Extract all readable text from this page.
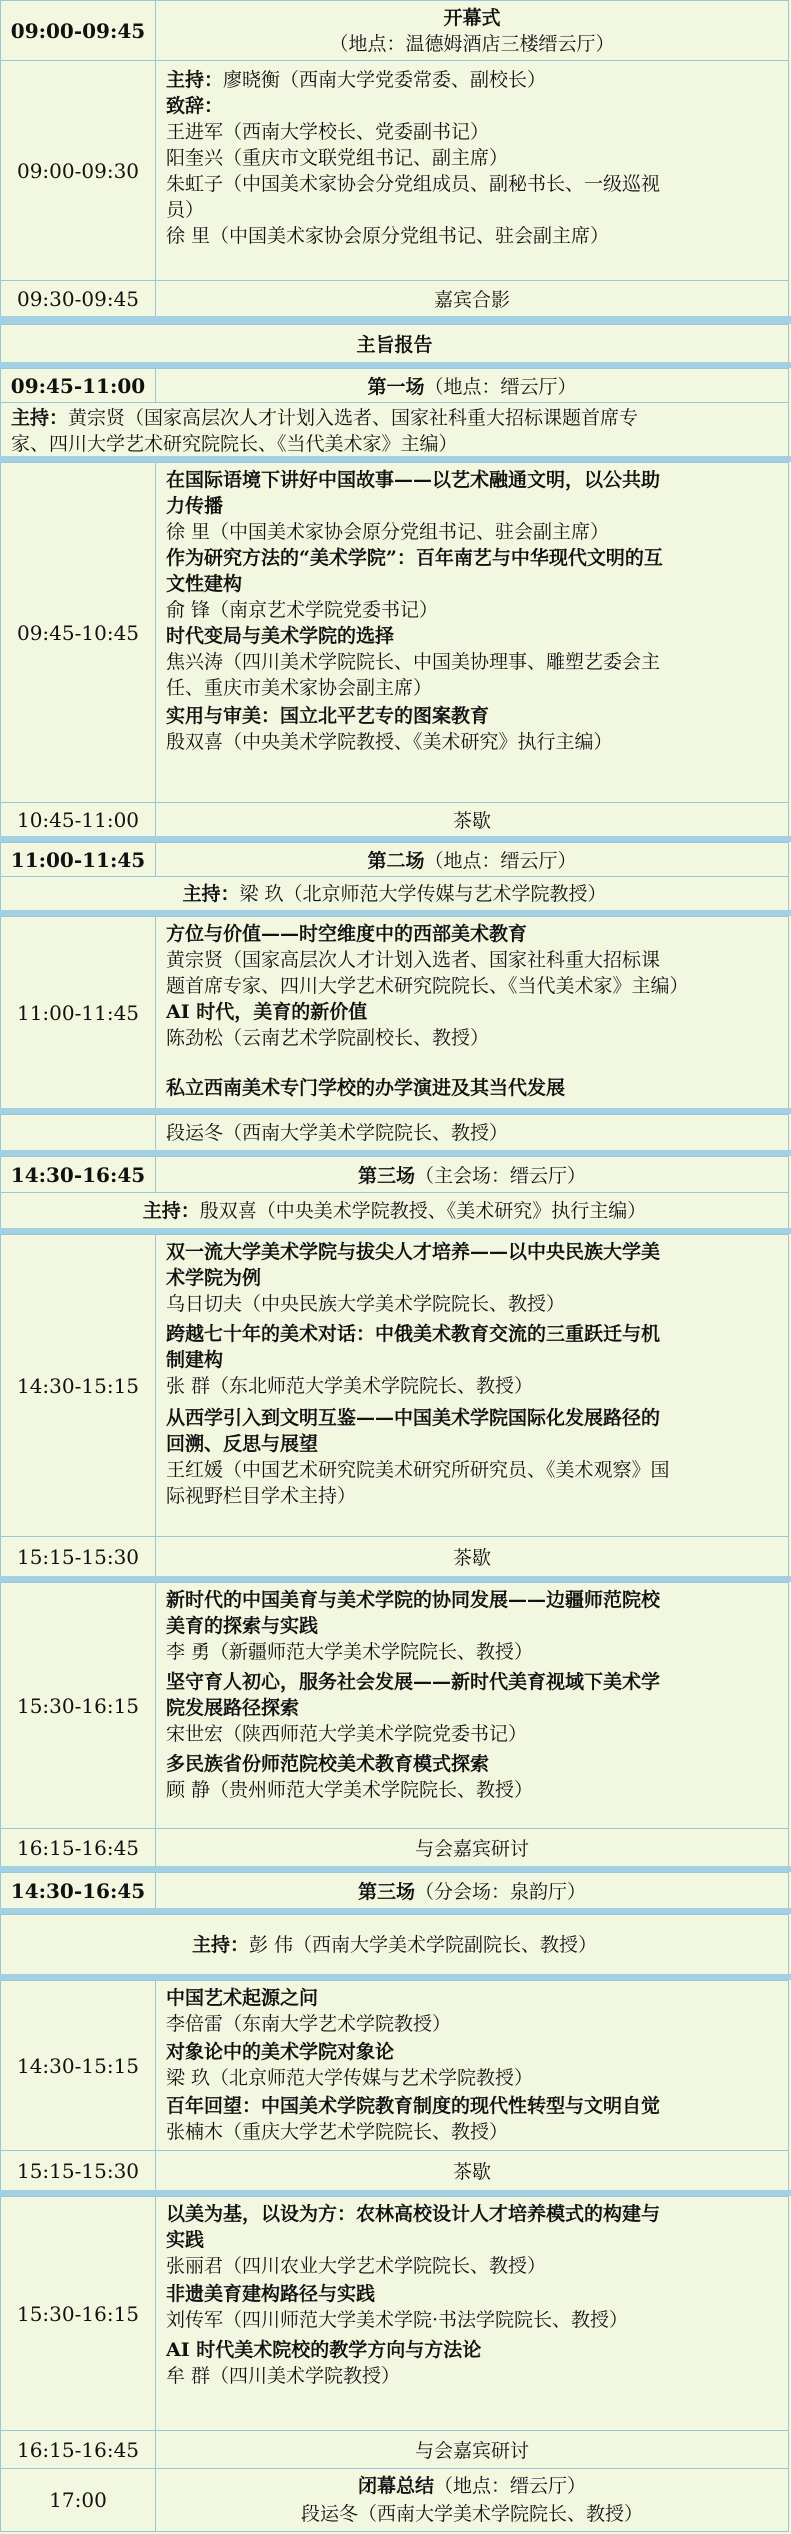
09:00-09:45
开幕式
（地点：温德姆酒店三楼缙云厅）
09:00-09:30
主持：廖晓衡（西南大学党委常委、副校长）
致辞：
王进军（西南大学校长、党委副书记）
阳奎兴（重庆市文联党组书记、副主席）
朱虹子（中国美术家协会分党组成员、副秘书长、一级巡视
员）
徐 里（中国美术家协会原分党组书记、驻会副主席）
09:30-09:45	嘉宾合影
主旨报告
09:45-11:00	第一场 （地点：缙云厅）
主持：黄宗贤（国家高层次人才计划入选者、国家社科重大招标课题首席专
家、四川大学艺术研究院院长、《当代美术家》主编）
09:45-10:45
在国际语境下讲好中国故事——以艺术融通文明，以公共助
力传播
徐 里（中国美术家协会原分党组书记、驻会副主席）
作为研究方法的“美术学院”：百年南艺与中华现代文明的互
文性建构
俞 锋（南京艺术学院党委书记）
时代变局与美术学院的选择
焦兴涛（四川美术学院院长、中国美协理事、雕塑艺委会主
任、重庆市美术家协会副主席）
实用与审美：国立北平艺专的图案教育
殷双喜（中央美术学院教授、《美术研究》执行主编）
10:45-11:00	茶歇
11:00-11:45	第二场 （地点：缙云厅）
主持：梁 玖（北京师范大学传媒与艺术学院教授）
11:00-11:45
方位与价值——时空维度中的西部美术教育
黄宗贤（国家高层次人才计划入选者、国家社科重大招标课
题首席专家、四川大学艺术研究院院长、《当代美术家》主编）
AI 时代，美育的新价值
陈劲松（云南艺术学院副校长、教授）
私立西南美术专门学校的办学演进及其当代发展
段运冬（西南大学美术学院院长、教授）
14:30-16:45	第三场 （主会场：缙云厅）
主持：殷双喜（中央美术学院教授、《美术研究》执行主编）
14:30-15:15
双一流大学美术学院与拔尖人才培养——以中央民族大学美
术学院为例
乌日切夫（中央民族大学美术学院院长、教授）
跨越七十年的美术对话：中俄美术教育交流的三重跃迁与机
制建构
张 群（东北师范大学美术学院院长、教授）
从西学引入到文明互鉴——中国美术学院国际化发展路径的
回溯、反思与展望
王红媛（中国艺术研究院美术研究所研究员、《美术观察》国
际视野栏目学术主持）
15:15-15:30	茶歇
15:30-16:15
新时代的中国美育与美术学院的协同发展——边疆师范院校
美育的探索与实践
李 勇（新疆师范大学美术学院院长、教授）
坚守育人初心，服务社会发展——新时代美育视域下美术学
院发展路径探索
宋世宏（陕西师范大学美术学院党委书记）
多民族省份师范院校美术教育模式探索
顾 静（贵州师范大学美术学院院长、教授）
16:15-16:45	与会嘉宾研讨
14:30-16:45	第三场 （分会场：泉韵厅）
主持：彭 伟（西南大学美术学院副院长、教授）
14:30-15:15
中国艺术起源之问
李倍雷（东南大学艺术学院教授）
对象论中的美术学院对象论
梁 玖（北京师范大学传媒与艺术学院教授）
百年回望：中国美术学院教育制度的现代性转型与文明自觉
张楠木（重庆大学艺术学院院长、教授）
15:15-15:30	茶歇
15:30-16:15
以美为基，以设为方：农林高校设计人才培养模式的构建与
实践
张丽君（四川农业大学艺术学院院长、教授）
非遗美育建构路径与实践
刘传军（四川师范大学美术学院·书法学院院长、教授）
AI 时代美术院校的教学方向与方法论
牟 群（四川美术学院教授）
16:15-16:45	与会嘉宾研讨
17:00
闭幕总结（地点：缙云厅）
段运冬（西南大学美术学院院长、教授）
